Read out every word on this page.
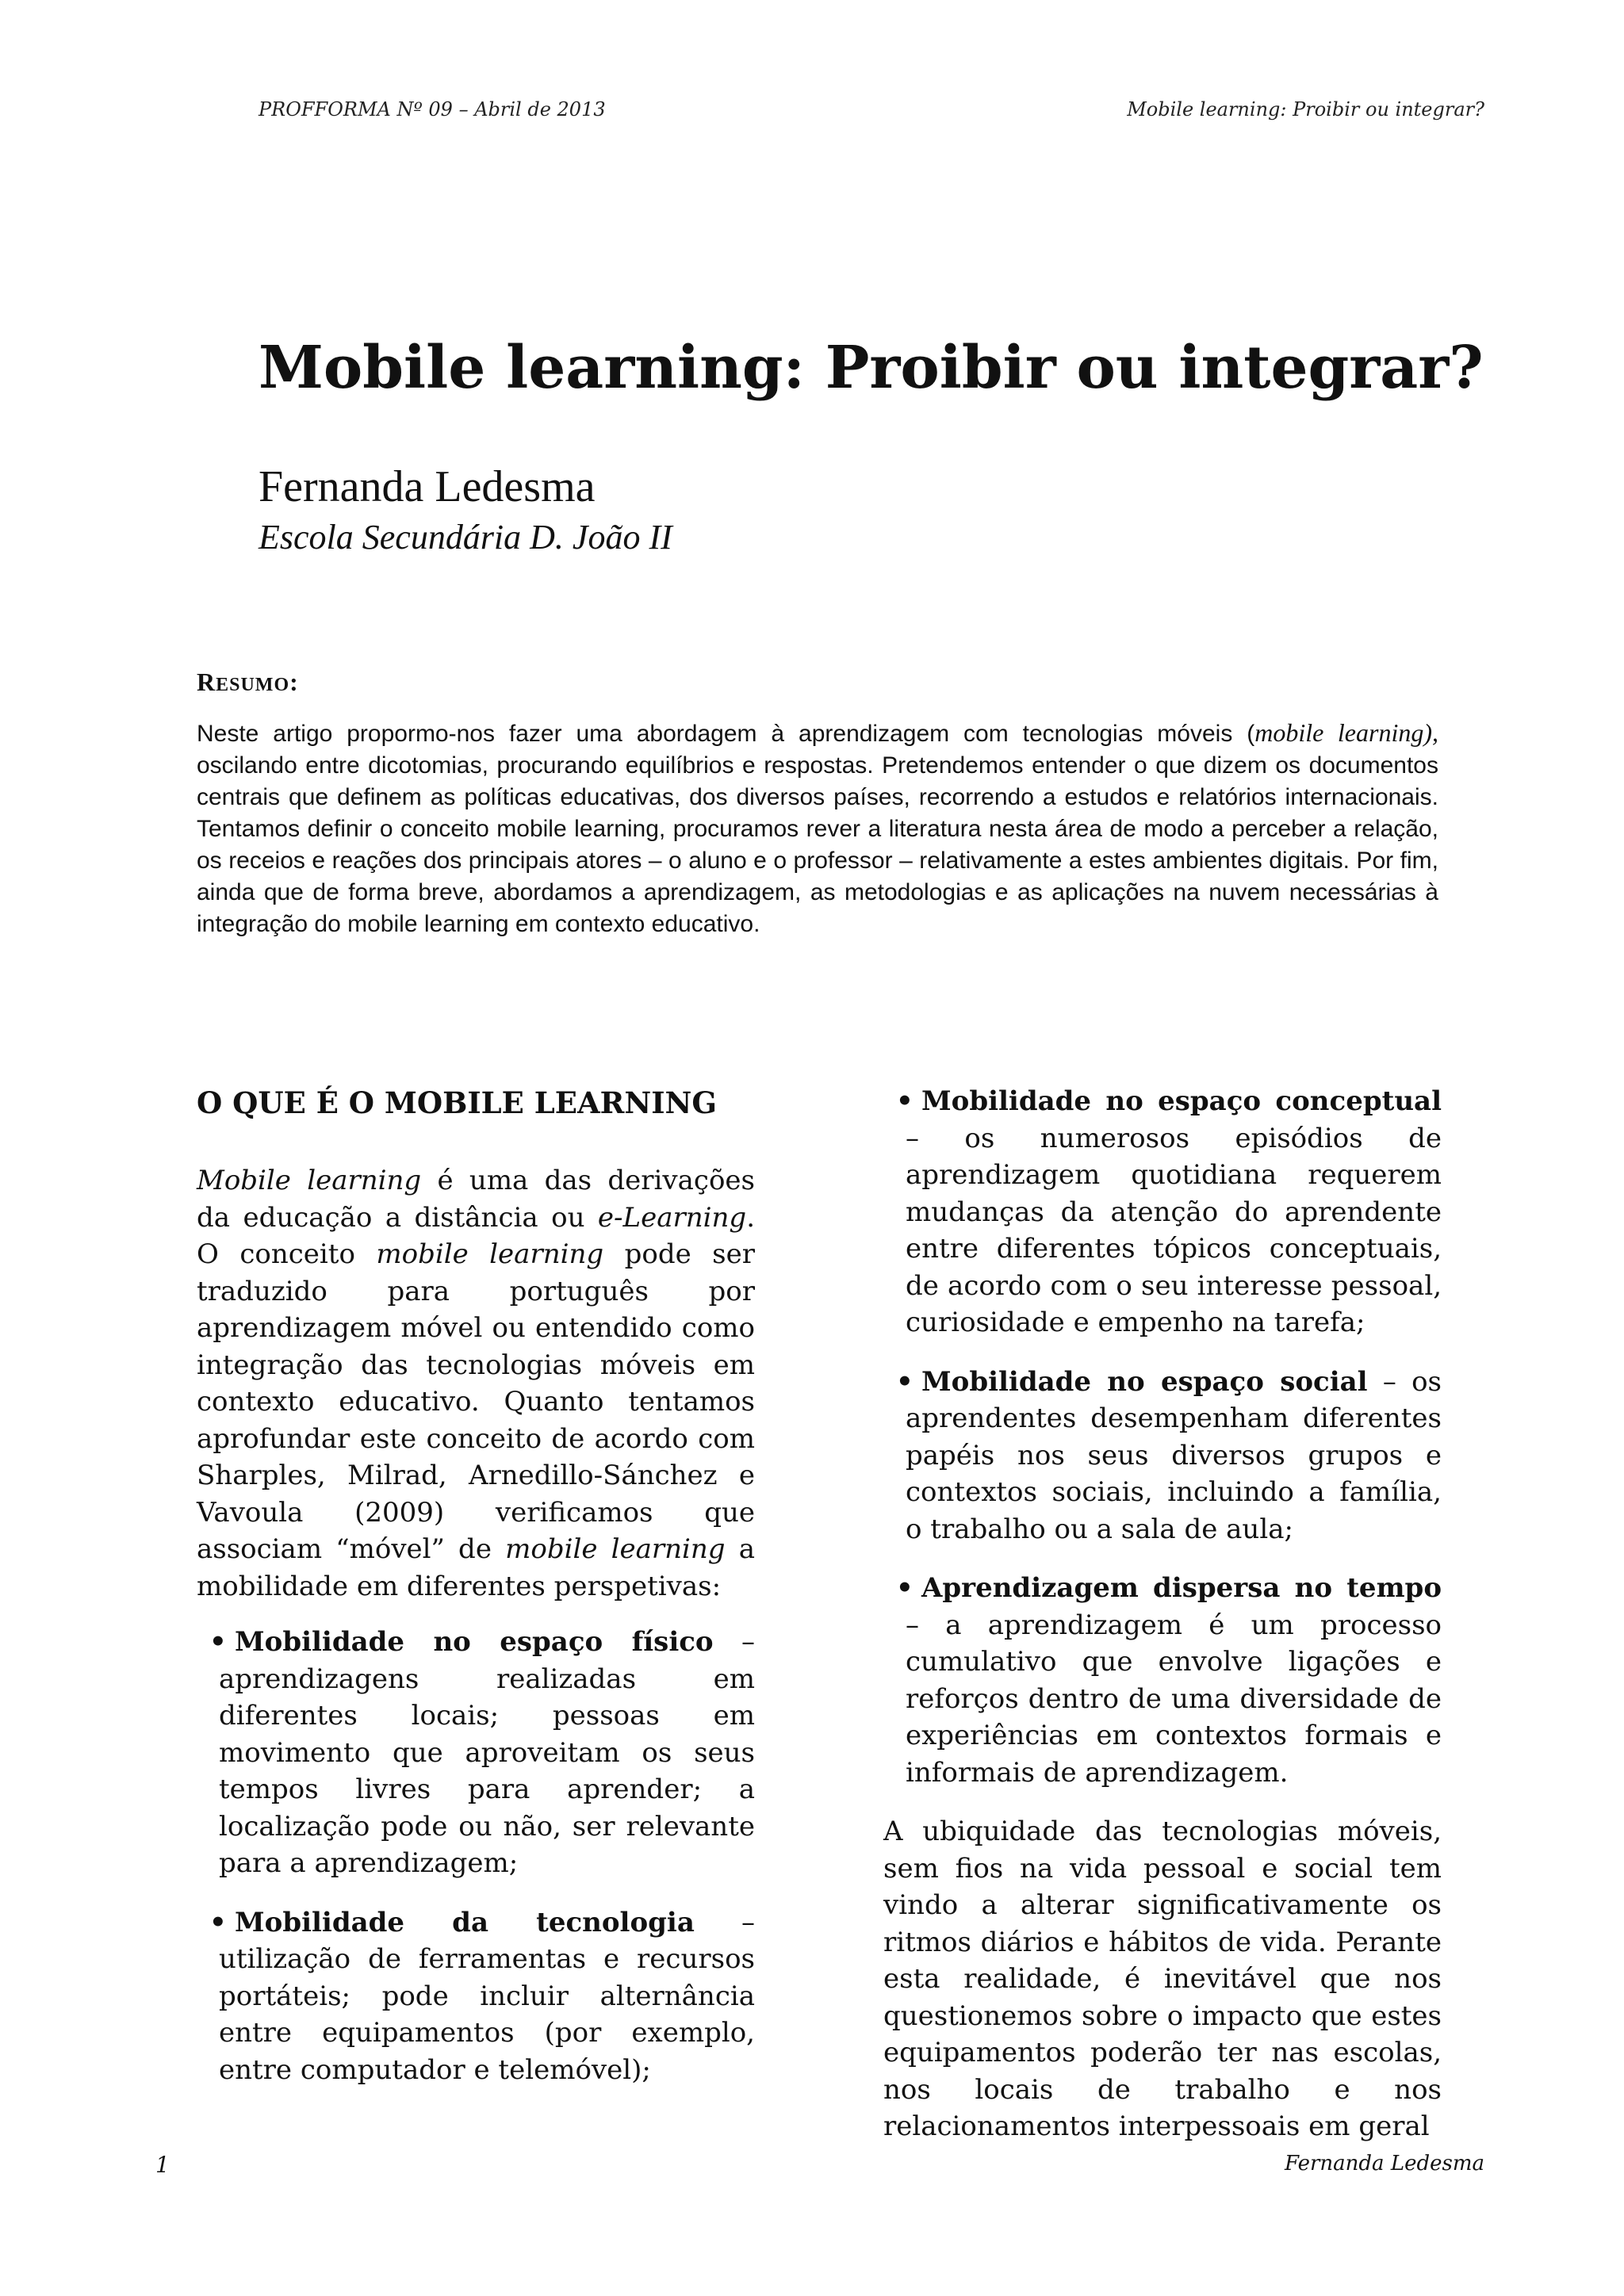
PROFFORMA Nº 09 – Abril de 2013	Mobile learning: Proibir ou integrar?
Mobile learning: Proibir ou integrar?
Fernanda Ledesma
Escola Secundária D. João II
RESUMO:

Neste artigo propormo-nos fazer uma abordagem à aprendizagem com tecnologias móveis (mobile learning), oscilando entre dicotomias, procurando equilíbrios e respostas. Pretendemos entender o que dizem os documentos centrais que definem as políticas educativas, dos diversos países, recorrendo a estudos e relatórios internacionais. Tentamos definir o conceito mobile learning, procuramos rever a literatura nesta área de modo a perceber a relação, os receios e reações dos principais atores – o aluno e o professor – relativamente a estes ambientes digitais. Por fim, ainda que de forma breve, abordamos a aprendizagem, as metodologias e as aplicações na nuvem necessárias à integração do mobile learning em contexto educativo.

O QUE É O MOBILE LEARNING

Mobile learning é uma das derivações da educação a distância ou e-Learning. O conceito mobile learning pode ser traduzido para português por aprendizagem móvel ou entendido como integração das tecnologias móveis em contexto educativo. Quanto tentamos aprofundar este conceito de acordo com Sharples, Milrad, Arnedillo-Sánchez e Vavoula (2009) verificamos que associam “móvel” de mobile learning a mobilidade em diferentes perspetivas:

• Mobilidade no espaço físico – aprendizagens realizadas em diferentes locais; pessoas em movimento que aproveitam os seus tempos livres para aprender; a localização pode ou não, ser relevante para a aprendizagem;
• Mobilidade da tecnologia – utilização de ferramentas e recursos portáteis; pode incluir alternância entre equipamentos (por exemplo, entre computador e telemóvel);
• Mobilidade no espaço conceptual – os numerosos episódios de aprendizagem quotidiana requerem mudanças da atenção do aprendente entre diferentes tópicos conceptuais, de acordo com o seu interesse pessoal, curiosidade e empenho na tarefa;
• Mobilidade no espaço social – os aprendentes desempenham diferentes papéis nos seus diversos grupos e contextos sociais, incluindo a família, o trabalho ou a sala de aula;
• Aprendizagem dispersa no tempo – a aprendizagem é um processo cumulativo que envolve ligações e reforços dentro de uma diversidade de experiências em contextos formais e informais de aprendizagem.

A ubiquidade das tecnologias móveis, sem fios na vida pessoal e social tem vindo a alterar significativamente os ritmos diários e hábitos de vida. Perante esta realidade, é inevitável que nos questionemos sobre o impacto que estes equipamentos poderão ter nas escolas, nos locais de trabalho e nos relacionamentos interpessoais em geral

1	Fernanda Ledesma
